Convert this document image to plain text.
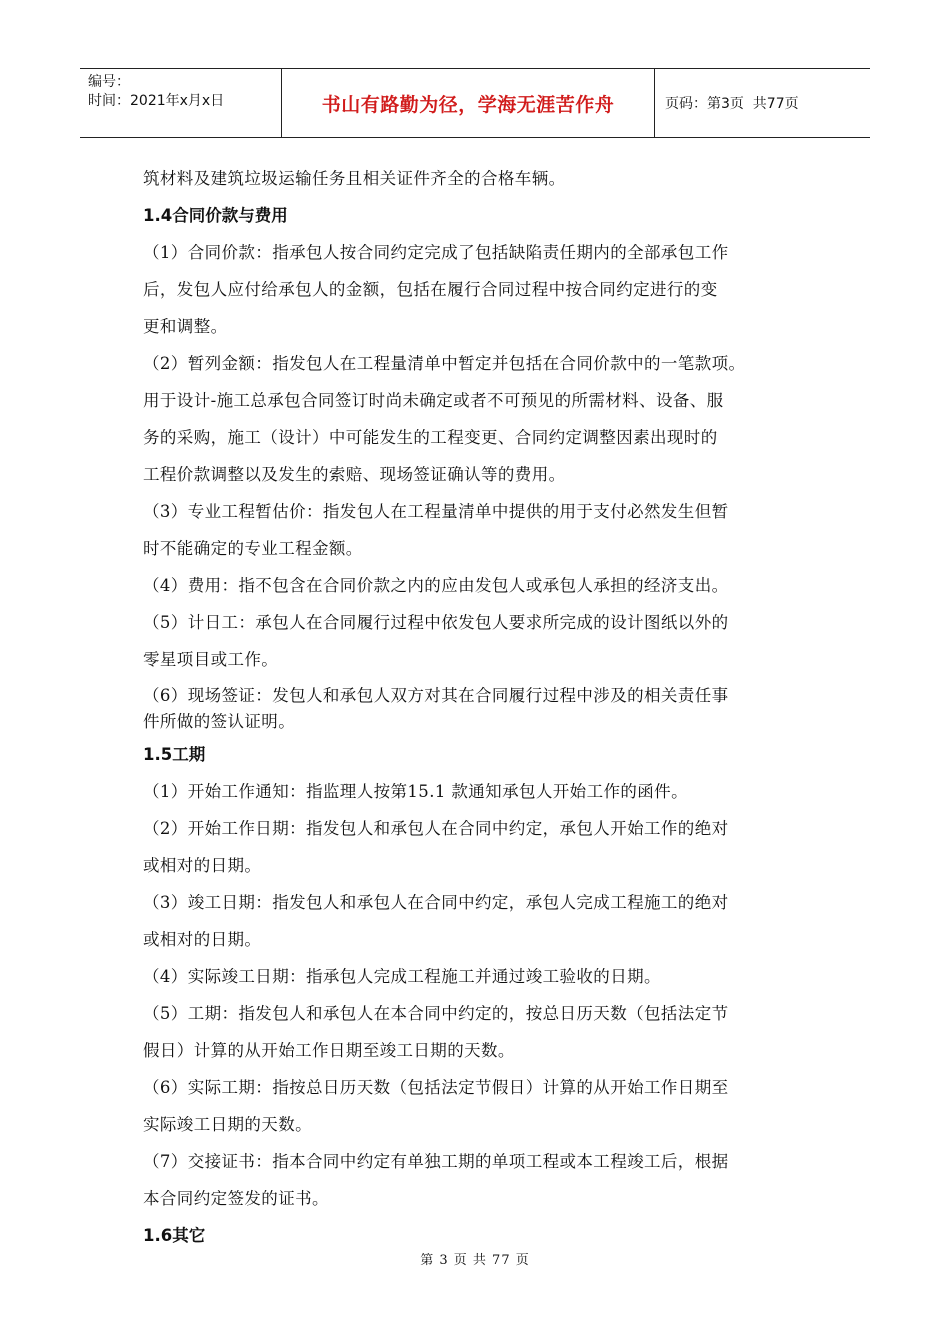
编号：
时间：2021年x月x日	书山有路勤为径，学海无涯苦作舟	页码：第3页  共77页

筑材料及建筑垃圾运输任务且相关证件齐全的合格车辆。

1.4合同价款与费用

（1）合同价款：指承包人按合同约定完成了包括缺陷责任期内的全部承包工作

后，发包人应付给承包人的金额，包括在履行合同过程中按合同约定进行的变

更和调整。

（2）暂列金额：指发包人在工程量清单中暂定并包括在合同价款中的一笔款项。

用于设计-施工总承包合同签订时尚未确定或者不可预见的所需材料、设备、服

务的采购，施工（设计）中可能发生的工程变更、合同约定调整因素出现时的

工程价款调整以及发生的索赔、现场签证确认等的费用。

（3）专业工程暂估价：指发包人在工程量清单中提供的用于支付必然发生但暂

时不能确定的专业工程金额。

（4）费用：指不包含在合同价款之内的应由发包人或承包人承担的经济支出。

（5）计日工：承包人在合同履行过程中依发包人要求所完成的设计图纸以外的

零星项目或工作。

（6）现场签证：发包人和承包人双方对其在合同履行过程中涉及的相关责任事

件所做的签认证明。

1.5工期

（1）开始工作通知：指监理人按第15.1 款通知承包人开始工作的函件。

（2）开始工作日期：指发包人和承包人在合同中约定，承包人开始工作的绝对

或相对的日期。

（3）竣工日期：指发包人和承包人在合同中约定，承包人完成工程施工的绝对

或相对的日期。

（4）实际竣工日期：指承包人完成工程施工并通过竣工验收的日期。

（5）工期：指发包人和承包人在本合同中约定的，按总日历天数（包括法定节

假日）计算的从开始工作日期至竣工日期的天数。

（6）实际工期：指按总日历天数（包括法定节假日）计算的从开始工作日期至

实际竣工日期的天数。

（7）交接证书：指本合同中约定有单独工期的单项工程或本工程竣工后，根据

本合同约定签发的证书。

1.6其它

第 3 页 共 77 页
